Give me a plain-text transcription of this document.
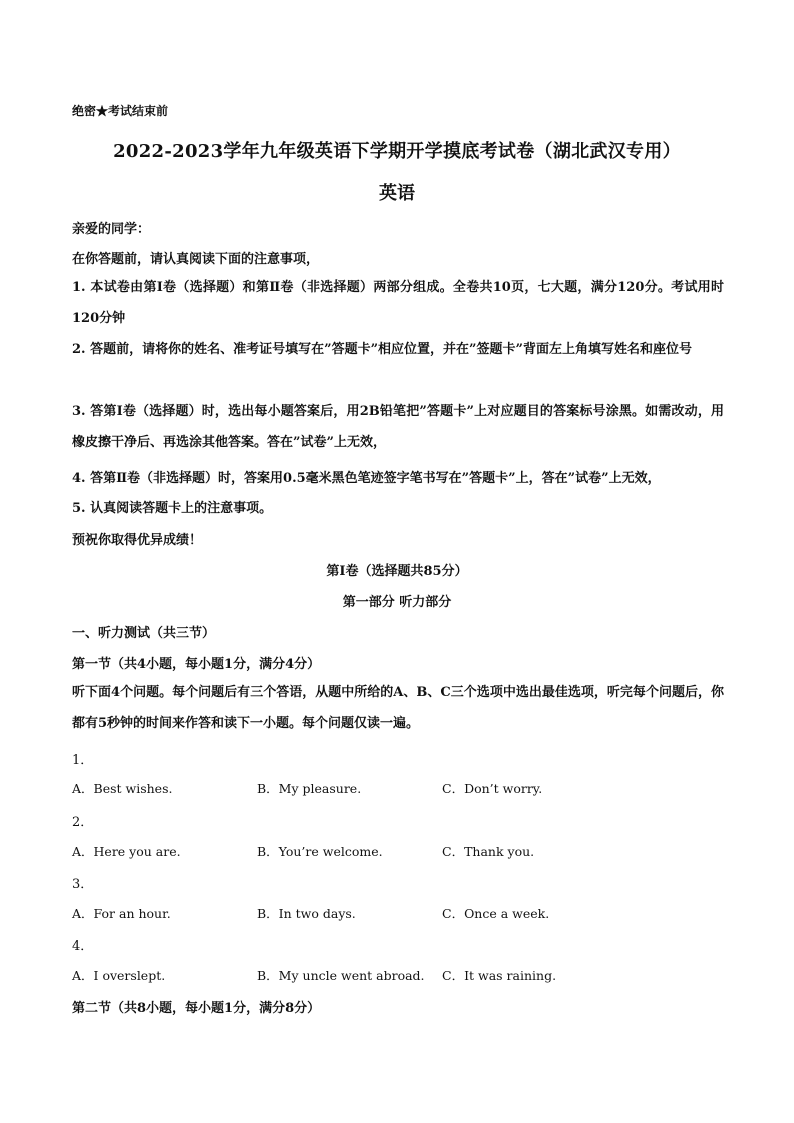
绝密★考试结束前
2022-2023学年九年级英语下学期开学摸底考试卷（湖北武汉专用）
英语
亲爱的同学：
在你答题前，请认真阅读下面的注意事项，
1. 本试卷由第Ⅰ卷（选择题）和第Ⅱ卷（非选择题）两部分组成。全卷共10页，七大题，满分120分。考试用时120分钟
2. 答题前，请将你的姓名、准考证号填写在”答题卡”相应位置，并在”签题卡”背面左上角填写姓名和座位号
3. 答第Ⅰ卷（选择题）时，选出每小题答案后，用2B铅笔把”答题卡”上对应题目的答案标号涂黑。如需改动，用橡皮擦干净后、再选涂其他答案。答在”试卷”上无效，
4. 答第Ⅱ卷（非选择题）时，答案用0.5毫米黑色笔迹签字笔书写在”答题卡”上，答在”试卷”上无效，
5. 认真阅读答题卡上的注意事项。
预祝你取得优异成绩！
第Ⅰ卷（选择题共85分）
第一部分 听力部分
一、听力测试（共三节）
第一节（共4小题，每小题1分，满分4分）
听下面4个问题。每个问题后有三个答语，从题中所给的A、B、C三个选项中选出最佳选项，听完每个问题后，你都有5秒钟的时间来作答和读下一小题。每个问题仅读一遍。
1．
A．Best wishes.	B．My pleasure.	C．Don’t worry.
2．
A．Here you are.	B．You’re welcome.	C．Thank you.
3．
A．For an hour.	B．In two days.	C．Once a week.
4．
A．I overslept.	B．My uncle went abroad. C．It was raining.
第二节（共8小题，每小题1分，满分8分）
